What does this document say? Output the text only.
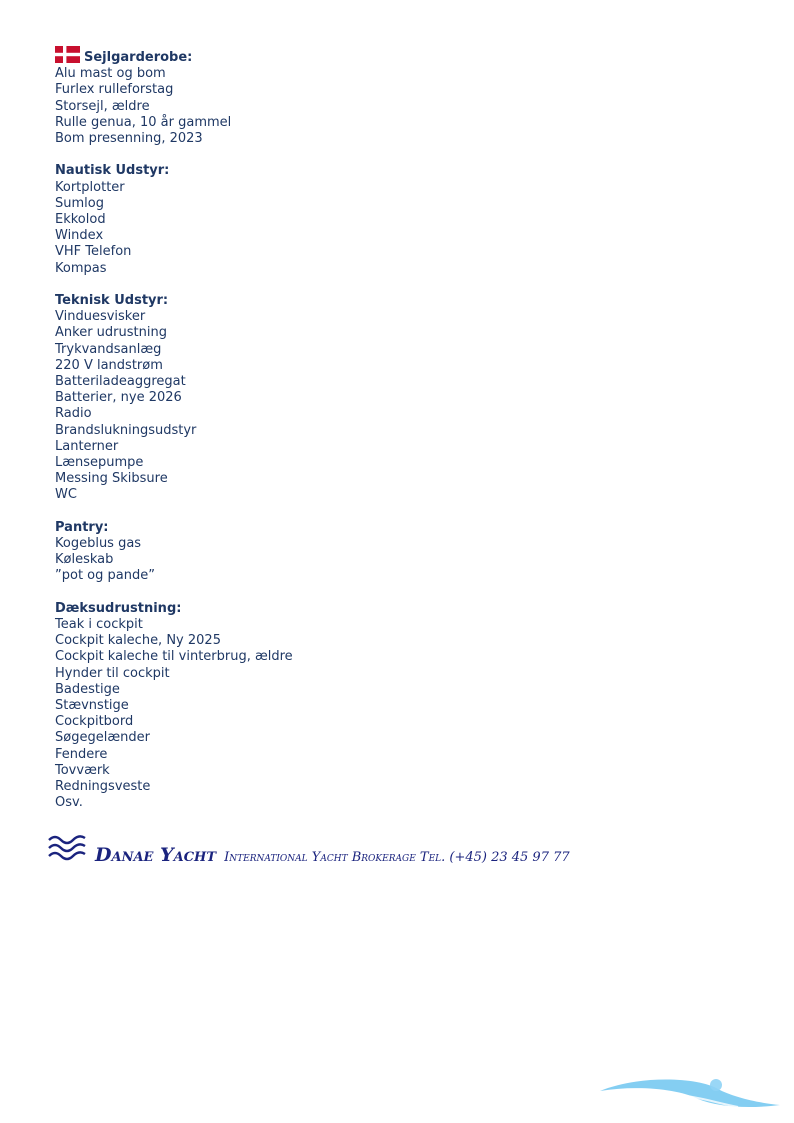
Sejlgarderobe:
Alu mast og bom
Furlex rulleforstag
Storsejl, ældre
Rulle genua, 10 år gammel
Bom presenning, 2023
Nautisk Udstyr:
Kortplotter
Sumlog
Ekkolod
Windex
VHF Telefon
Kompas
Teknisk Udstyr:
Vinduesvisker
Anker udrustning
Trykvandsanlæg
220 V landstrøm
Batteriladeaggregat
Batterier, nye 2026
Radio
Brandslukningsudstyr
Lanterner
Lænsepumpe
Messing Skibsure
WC
Pantry:
Kogeblus gas
Køleskab
”pot og pande”
Dæksudrustning:
Teak i cockpit
Cockpit kaleche, Ny 2025
Cockpit kaleche til vinterbrug, ældre
Hynder til cockpit
Badestige
Stævnstige
Cockpitbord
Søgegelænder
Fendere
Tovværk
Redningsveste
Osv.
Danae Yacht International Yacht Brokerage Tel. (+45) 23 45 97 77
